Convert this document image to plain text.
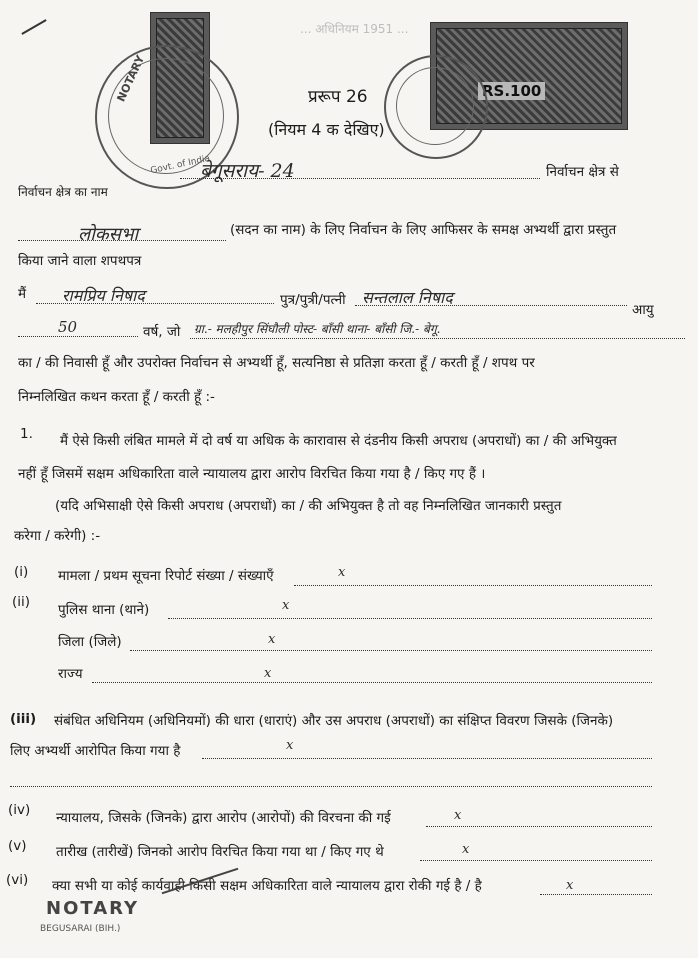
... अधिनियम 1951 ...
NOTARY
Govt. of India
RS.100
प्ररूप 26
(नियम 4 क देखिए)
बेगूसराय- 24	निर्वाचन क्षेत्र से
निर्वाचन क्षेत्र का नाम
लोकसभा	(सदन का नाम) के लिए निर्वाचन के लिए आफिसर के समक्ष अभ्यर्थी द्वारा प्रस्तुत
किया जाने वाला शपथपत्र
मैं रामप्रिय निषाद	पुत्र/पुत्री/पत्नी सन्तलाल निषाद
आयु
50	वर्ष, जो ग्रा.- मलहीपुर सिंघौली पोस्ट- बाँसी थाना- बाँसी जि.- बेगू.
का / की निवासी हूँ और उपरोक्त निर्वाचन से अभ्यर्थी हूँ, सत्यनिष्ठा से प्रतिज्ञा करता हूँ / करती हूँ / शपथ पर
निम्नलिखित कथन करता हूँ / करती हूँ :-
1. मैं ऐसे किसी लंबित मामले में दो वर्ष या अधिक के कारावास से दंडनीय किसी अपराध (अपराधों) का / की अभियुक्त
नहीं हूँ जिसमें सक्षम अधिकारिता वाले न्यायालय द्वारा आरोप विरचित किया गया है / किए गए हैं ।
(यदि अभिसाक्षी ऐसे किसी अपराध (अपराधों) का / की अभियुक्त है तो वह निम्नलिखित जानकारी प्रस्तुत
करेगा / करेगी) :-
(i) मामला / प्रथम सूचना रिपोर्ट संख्या / संख्याएँ	x
(ii) पुलिस थाना (थाने)	x
जिला (जिले)	x
राज्य	x
(iii) संबंधित अधिनियम (अधिनियमों) की धारा (धाराएं) और उस अपराध (अपराधों) का संक्षिप्त विवरण जिसके (जिनके)
लिए अभ्यर्थी आरोपित किया गया है	x
(iv) न्यायालय, जिसके (जिनके) द्वारा आरोप (आरोपों) की विरचना की गई	x
(v) तारीख (तारीखें) जिनको आरोप विरचित किया गया था / किए गए थे	x
(vi) क्या सभी या कोई कार्यवाही किसी सक्षम अधिकारिता वाले न्यायालय द्वारा रोकी गई है / है	x
NOTARY
BEGUSARAI (BIH.)
